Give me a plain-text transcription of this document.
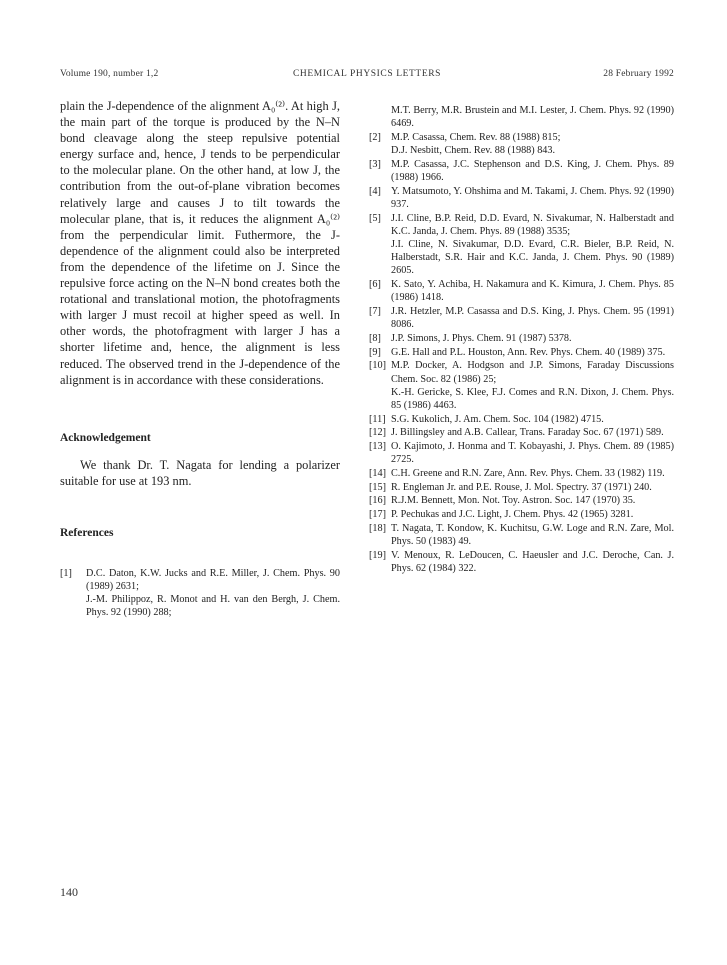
Volume 190, number 1,2	CHEMICAL PHYSICS LETTERS	28 February 1992

plain the J-dependence of the alignment A₀⁽²⁾. At high J, the main part of the torque is produced by the N–N bond cleavage along the steep repulsive potential energy surface and, hence, J tends to be perpendicular to the molecular plane. On the other hand, at low J, the contribution from the out-of-plane vibration becomes relatively large and causes J to tilt towards the molecular plane, that is, it reduces the alignment A₀⁽²⁾ from the perpendicular limit. Futhermore, the J-dependence of the alignment could also be interpreted from the dependence of the lifetime on J. Since the repulsive force acting on the N–N bond creates both the rotational and translational motion, the photofragments with larger J must recoil at higher speed as well. In other words, the photofragment with larger J has a shorter lifetime and, hence, the alignment is less reduced. The observed trend in the J-dependence of the alignment is in accordance with these considerations.

Acknowledgement

We thank Dr. T. Nagata for lending a polarizer suitable for use at 193 nm.

References
[1] D.C. Daton, K.W. Jucks and R.E. Miller, J. Chem. Phys. 90 (1989) 2631;
J.-M. Philippoz, R. Monot and H. van den Bergh, J. Chem. Phys. 92 (1990) 288;
M.T. Berry, M.R. Brustein and M.I. Lester, J. Chem. Phys. 92 (1990) 6469.
[2] M.P. Casassa, Chem. Rev. 88 (1988) 815;
D.J. Nesbitt, Chem. Rev. 88 (1988) 843.
[3] M.P. Casassa, J.C. Stephenson and D.S. King, J. Chem. Phys. 89 (1988) 1966.
[4] Y. Matsumoto, Y. Ohshima and M. Takami, J. Chem. Phys. 92 (1990) 937.
[5] J.I. Cline, B.P. Reid, D.D. Evard, N. Sivakumar, N. Halberstadt and K.C. Janda, J. Chem. Phys. 89 (1988) 3535;
J.I. Cline, N. Sivakumar, D.D. Evard, C.R. Bieler, B.P. Reid, N. Halberstadt, S.R. Hair and K.C. Janda, J. Chem. Phys. 90 (1989) 2605.
[6] K. Sato, Y. Achiba, H. Nakamura and K. Kimura, J. Chem. Phys. 85 (1986) 1418.
[7] J.R. Hetzler, M.P. Casassa and D.S. King, J. Phys. Chem. 95 (1991) 8086.
[8] J.P. Simons, J. Phys. Chem. 91 (1987) 5378.
[9] G.E. Hall and P.L. Houston, Ann. Rev. Phys. Chem. 40 (1989) 375.
[10] M.P. Docker, A. Hodgson and J.P. Simons, Faraday Discussions Chem. Soc. 82 (1986) 25;
K.-H. Gericke, S. Klee, F.J. Comes and R.N. Dixon, J. Chem. Phys. 85 (1986) 4463.
[11] S.G. Kukolich, J. Am. Chem. Soc. 104 (1982) 4715.
[12] J. Billingsley and A.B. Callear, Trans. Faraday Soc. 67 (1971) 589.
[13] O. Kajimoto, J. Honma and T. Kobayashi, J. Phys. Chem. 89 (1985) 2725.
[14] C.H. Greene and R.N. Zare, Ann. Rev. Phys. Chem. 33 (1982) 119.
[15] R. Engleman Jr. and P.E. Rouse, J. Mol. Spectry. 37 (1971) 240.
[16] R.J.M. Bennett, Mon. Not. Toy. Astron. Soc. 147 (1970) 35.
[17] P. Pechukas and J.C. Light, J. Chem. Phys. 42 (1965) 3281.
[18] T. Nagata, T. Kondow, K. Kuchitsu, G.W. Loge and R.N. Zare, Mol. Phys. 50 (1983) 49.
[19] V. Menoux, R. LeDoucen, C. Haeusler and J.C. Deroche, Can. J. Phys. 62 (1984) 322.
140
